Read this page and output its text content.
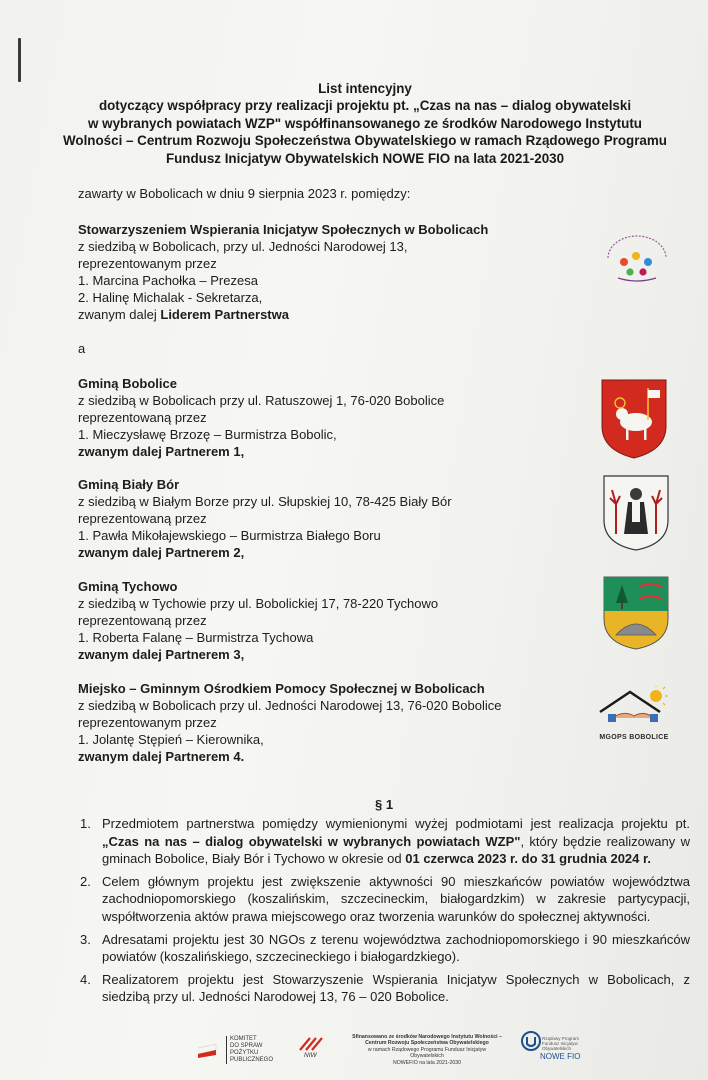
List intencyjny
dotyczący współpracy przy realizacji projektu pt. „Czas na nas – dialog obywatelski
w wybranych powiatach WZP" współfinansowanego ze środków Narodowego Instytutu
Wolności – Centrum Rozwoju Społeczeństwa Obywatelskiego w ramach Rządowego Programu
Fundusz Inicjatyw Obywatelskich NOWE FIO na lata 2021-2030
zawarty w Bobolicach w dniu 9 sierpnia 2023 r. pomiędzy:
Stowarzyszeniem Wspierania Inicjatyw Społecznych w Bobolicach
z siedzibą w Bobolicach, przy ul. Jedności Narodowej 13,
reprezentowanym przez
1. Marcina Pachołka – Prezesa
2. Halinę Michalak - Sekretarza,
zwanym dalej Liderem Partnerstwa
a
Gminą Bobolice
z siedzibą w Bobolicach przy ul. Ratuszowej 1, 76-020 Bobolice
reprezentowaną przez
1. Mieczysławę Brzozę – Burmistrza Bobolic,
zwanym dalej Partnerem 1,
Gminą Biały Bór
z siedzibą w Białym Borze przy ul. Słupskiej 10, 78-425 Biały Bór
reprezentowaną przez
1. Pawła Mikołajewskiego – Burmistrza Białego Boru
zwanym dalej Partnerem 2,
Gminą Tychowo
z siedzibą w Tychowie przy ul. Bobolickiej 17, 78-220 Tychowo
reprezentowaną przez
1. Roberta Falanę – Burmistrza Tychowa
zwanym dalej Partnerem 3,
Miejsko – Gminnym Ośrodkiem Pomocy Społecznej w Bobolicach
z siedzibą w Bobolicach przy ul. Jedności Narodowej 13, 76-020 Bobolice
reprezentowanym przez
1. Jolantę Stępień – Kierownika,
zwanym dalej Partnerem 4.
MGOPS BOBOLICE
§ 1
1. Przedmiotem partnerstwa pomiędzy wymienionymi wyżej podmiotami jest realizacja projektu pt. „Czas na nas – dialog obywatelski w wybranych powiatach WZP", który będzie realizowany w gminach Bobolice, Biały Bór i Tychowo w okresie od 01 czerwca 2023 r. do 31 grudnia 2024 r.
2. Celem głównym projektu jest zwiększenie aktywności 90 mieszkańców powiatów województwa zachodniopomorskiego (koszalińskim, szczecineckim, białogardzkim) w zakresie partycypacji, współtworzenia aktów prawa miejscowego oraz tworzenia warunków do społecznej aktywności.
3. Adresatami projektu jest 30 NGOs z terenu województwa zachodniopomorskiego i 90 mieszkańców powiatów (koszalińskiego, szczecineckiego i białogardzkiego).
4. Realizatorem projektu jest Stowarzyszenie Wspierania Inicjatyw Społecznych w Bobolicach, z siedzibą przy ul. Jedności Narodowej 13, 76 – 020 Bobolice.
KOMITET
DO SPRAW
POŻYTKU
PUBLICZNEGO
NIW
Sfinansowano ze środków Narodowego Instytutu Wolności –
Centrum Rozwoju Społeczeństwa Obywatelskiego
w ramach Rządowego Programu Fundusz Inicjatyw Obywatelskich
NOWEFIO na lata 2021-2030
Rządowy Program
Fundusz Inicjatyw
Obywatelskich
NOWE FIO
